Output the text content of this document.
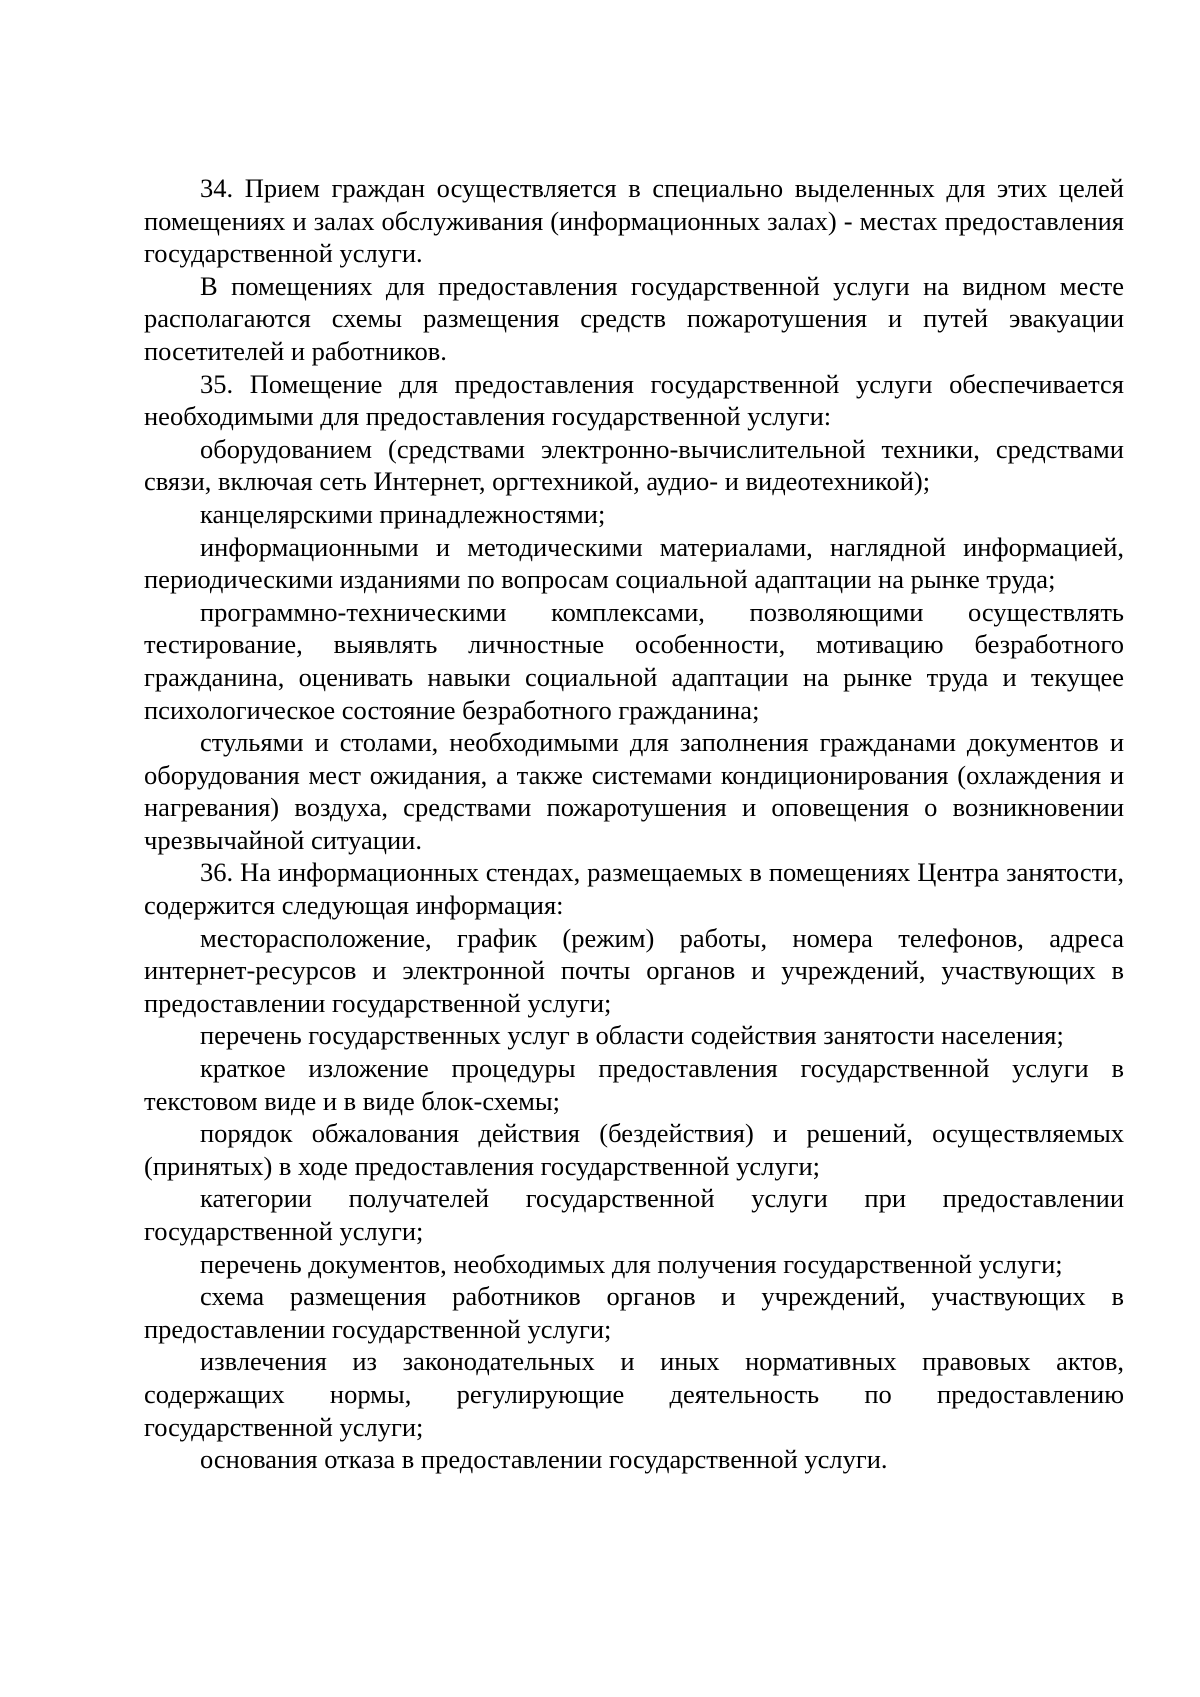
34. Прием граждан осуществляется в специально выделенных для этих целей помещениях и залах обслуживания (информационных залах) - местах предоставления государственной услуги.

В помещениях для предоставления государственной услуги на видном месте располагаются схемы размещения средств пожаротушения и путей эвакуации посетителей и работников.

35. Помещение для предоставления государственной услуги обеспечивается необходимыми для предоставления государственной услуги:

оборудованием (средствами электронно-вычислительной техники, средствами связи, включая сеть Интернет, оргтехникой, аудио- и видеотехникой);

канцелярскими принадлежностями;

информационными и методическими материалами, наглядной информацией, периодическими изданиями по вопросам социальной адаптации на рынке труда;

программно-техническими комплексами, позволяющими осуществлять тестирование, выявлять личностные особенности, мотивацию безработного гражданина, оценивать навыки социальной адаптации на рынке труда и текущее психологическое состояние безработного гражданина;

стульями и столами, необходимыми для заполнения гражданами документов и оборудования мест ожидания, а также системами кондиционирования (охлаждения и нагревания) воздуха, средствами пожаротушения и оповещения о возникновении чрезвычайной ситуации.

36. На информационных стендах, размещаемых в помещениях Центра занятости, содержится следующая информация:

месторасположение, график (режим) работы, номера телефонов, адреса интернет-ресурсов и электронной почты органов и учреждений, участвующих в предоставлении государственной услуги;

перечень государственных услуг в области содействия занятости населения;

краткое изложение процедуры предоставления государственной услуги в текстовом виде и в виде блок-схемы;

порядок обжалования действия (бездействия) и решений, осуществляемых (принятых) в ходе предоставления государственной услуги;

категории получателей государственной услуги при предоставлении государственной услуги;

перечень документов, необходимых для получения государственной услуги;

схема размещения работников органов и учреждений, участвующих в предоставлении государственной услуги;

извлечения из законодательных и иных нормативных правовых актов, содержащих нормы, регулирующие деятельность по предоставлению государственной услуги;

основания отказа в предоставлении государственной услуги.
